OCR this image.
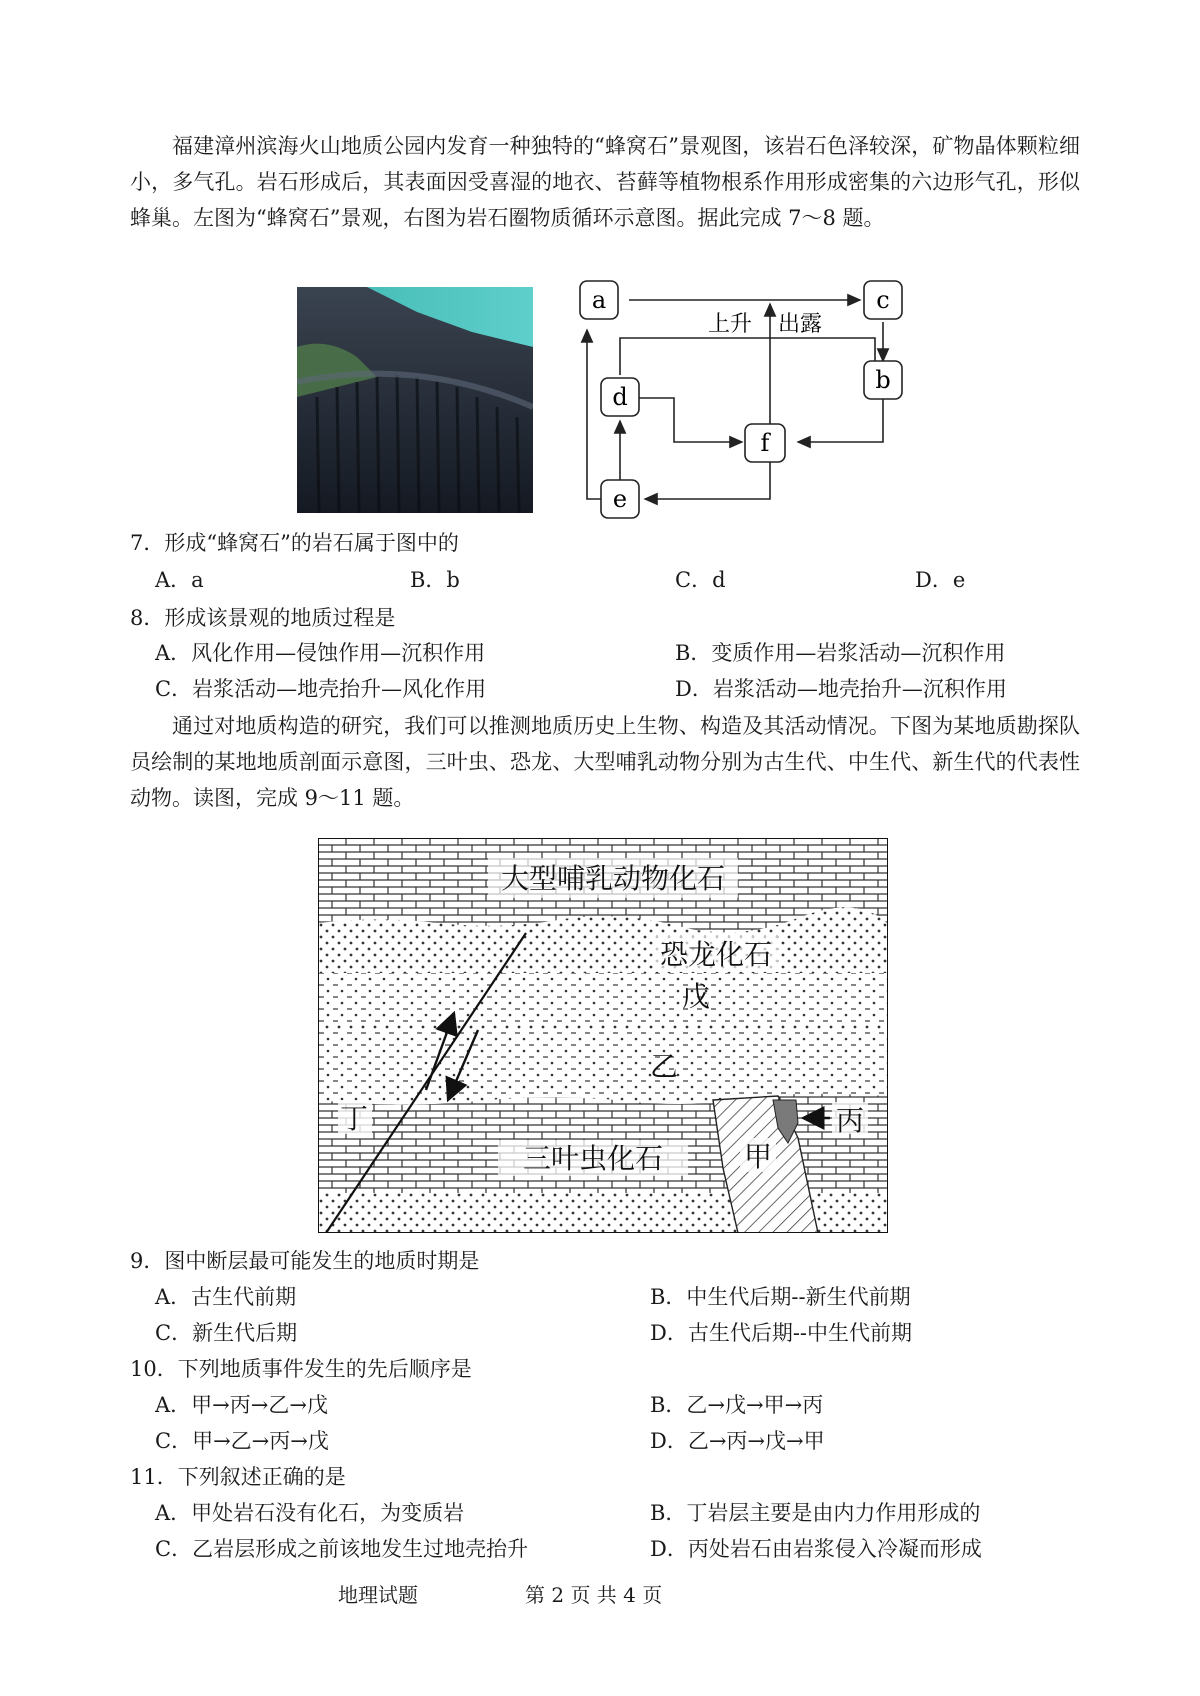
福建漳州滨海火山地质公园内发育一种独特的“蜂窝石”景观图，该岩石色泽较深，矿物晶体颗粒细小，多气孔。岩石形成后，其表面因受喜湿的地衣、苔藓等植物根系作用形成密集的六边形气孔，形似蜂巢。左图为“蜂窝石”景观，右图为岩石圈物质循环示意图。据此完成 7～8 题。

a	c
b
d
f
e
上升 出露

7．形成“蜂窝石”的岩石属于图中的

A．a	B．b	C．d	D．e

8．形成该景观的地质过程是

A．风化作用—侵蚀作用—沉积作用	B．变质作用—岩浆活动—沉积作用
C．岩浆活动—地壳抬升—风化作用	D．岩浆活动—地壳抬升—沉积作用

通过对地质构造的研究，我们可以推测地质历史上生物、构造及其活动情况。下图为某地质勘探队员绘制的某地地质剖面示意图，三叶虫、恐龙、大型哺乳动物分别为古生代、中生代、新生代的代表性动物。读图，完成 9～11 题。

大型哺乳动物化石
恐龙化石
戊
乙
丁
三叶虫化石	甲
丙

9．图中断层最可能发生的地质时期是

A．古生代前期	B．中生代后期--新生代前期
C．新生代后期	D．古生代后期--中生代前期

10．下列地质事件发生的先后顺序是

A．甲→丙→乙→戊	B．乙→戊→甲→丙
C．甲→乙→丙→戊	D．乙→丙→戊→甲

11．下列叙述正确的是

A．甲处岩石没有化石，为变质岩	B．丁岩层主要是由内力作用形成的
C．乙岩层形成之前该地发生过地壳抬升	D．丙处岩石由岩浆侵入冷凝而形成
地理试题	第 2 页 共 4 页
